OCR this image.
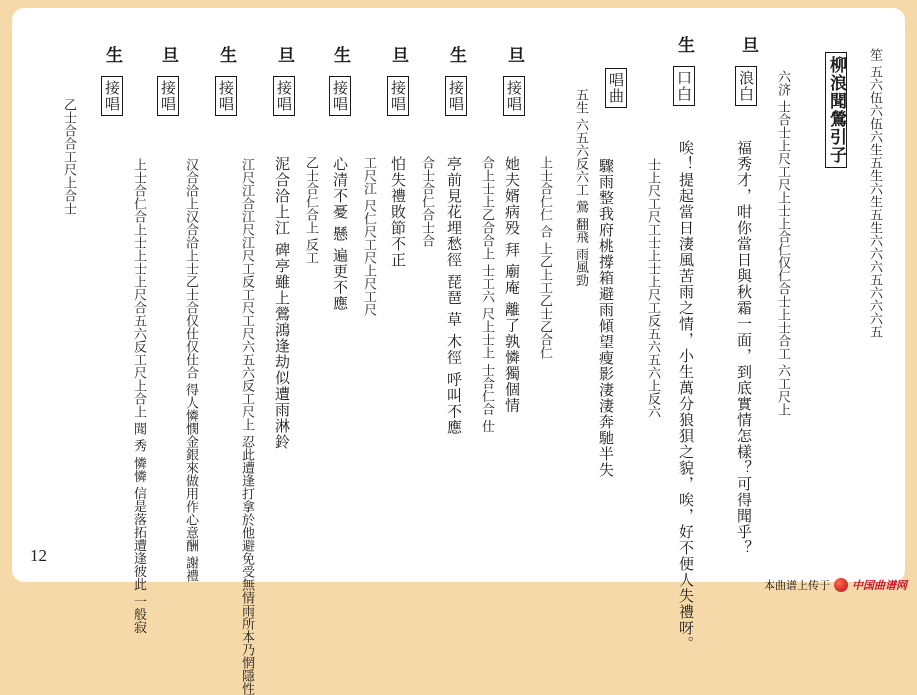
柳浪聞鶯引子 笙 五六伍六伍六生五生六生五生六六六五六六六五
旦
浪白 六济 士合士上尺工尺上士上合仁仅仁合士上士合工 六工尺上
福秀才，咁你當日與秋霜一面，到底實情怎樣？可得聞乎？
生
口白
唉！提起當日淒風苦雨之情，小生萬分狼狽之貌，唉，好不便人失禮呀。
唱曲
士上尺工尺工士上士上尺工反五六五六上反六
驟雨整我府桃撐箱避雨傾望瘦影淒淒奔馳半失
五生 六五六反六工 鶯 翻飛 雨風勁
旦
接唱
上士合仁仁 合 上乙上工乙士乙合仁
她夫婿病殁 拜 廟庵 離了孰憐獨個情
生
接唱
合上士上乙合合上 士工六 尺上士上 士合仁合 仕
亭前見花埋愁徑 琵琶 草 木徑 呼叫不應
旦
接唱
合士合仁合士合
怕失禮敗節不正
生
接唱
工尺江 尺仁尺工尺上尺工尺
心清不憂 懸 遍更不應
旦
接唱
乙士合仁合上 反工
泥合洽上江 碑亭雖上鶯鴻逢劫似遭雨淋鈴
生
接唱
江尺江合江尺江尺工反工尺工尺六五六反工尺上 忍此遭逢打拿於他避免受無情雨所本乃惘隱性
旦
接唱
汉合洽上汉合洽上士乙士合仅仕仅仕合 得人憐憫金銀來做用作心意酬 謝禮
生
接唱
上士合仁合上士上士上尺合五六反工尺上合上 聞 秀 憐憐 信是落拓遭逢彼此 一般寂
乙士合合工尺上合士
12
本曲谱上传于 中国曲谱网
